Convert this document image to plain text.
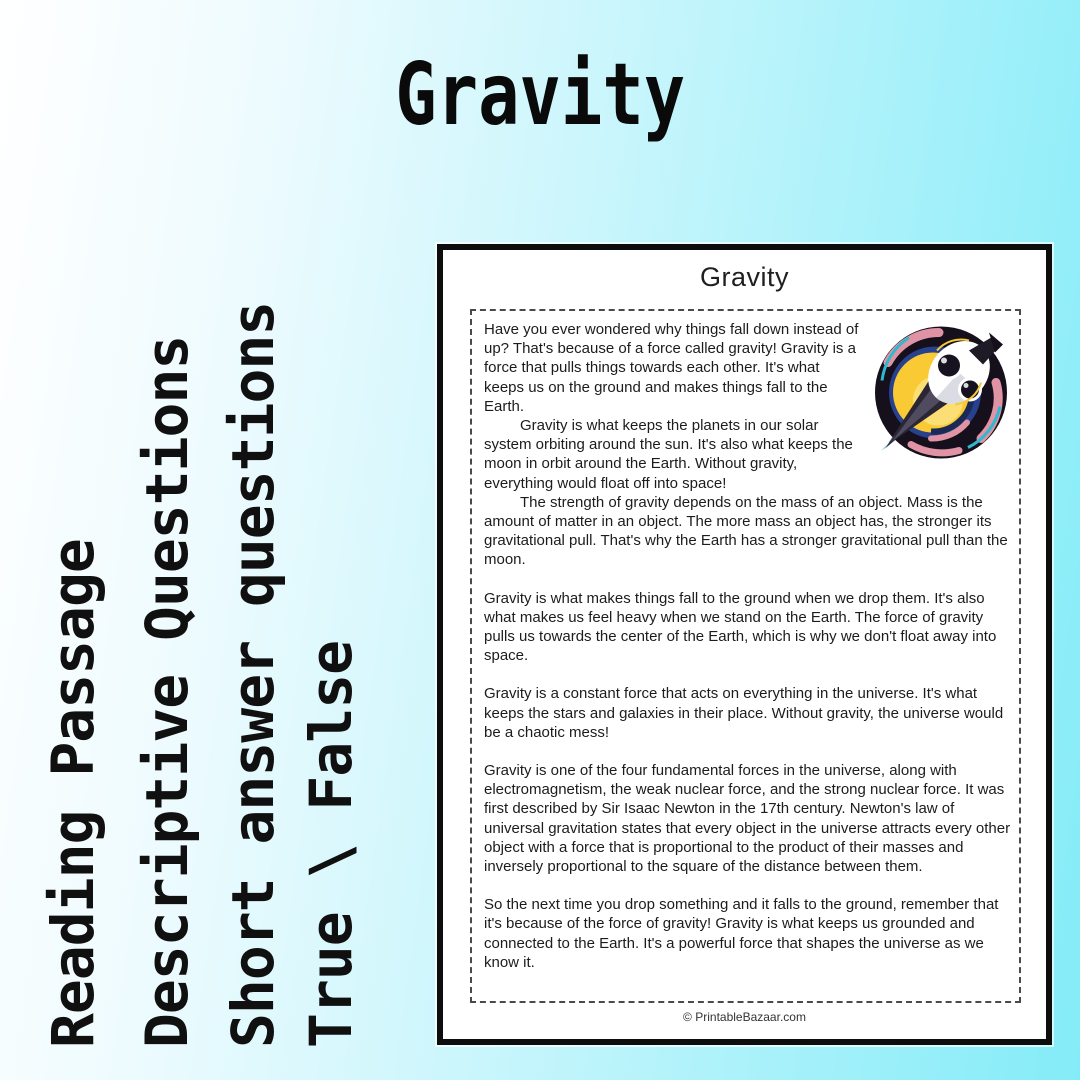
Gravity
Reading Passage Descriptive Questions Short answer questions True \ False
Gravity

Have you ever wondered why things fall down instead of up? That's because of a force called gravity! Gravity is a force that pulls things towards each other. It's what keeps us on the ground and makes things fall to the Earth.

Gravity is what keeps the planets in our solar system orbiting around the sun. It's also what keeps the moon in orbit around the Earth. Without gravity, everything would float off into space!

The strength of gravity depends on the mass of an object. Mass is the amount of matter in an object. The more mass an object has, the stronger its gravitational pull. That's why the Earth has a stronger gravitational pull than the moon.

Gravity is what makes things fall to the ground when we drop them. It's also what makes us feel heavy when we stand on the Earth. The force of gravity pulls us towards the center of the Earth, which is why we don't float away into space.

Gravity is a constant force that acts on everything in the universe. It's what keeps the stars and galaxies in their place. Without gravity, the universe would be a chaotic mess!

Gravity is one of the four fundamental forces in the universe, along with electromagnetism, the weak nuclear force, and the strong nuclear force. It was first described by Sir Isaac Newton in the 17th century. Newton's law of universal gravitation states that every object in the universe attracts every other object with a force that is proportional to the product of their masses and inversely proportional to the square of the distance between them.

So the next time you drop something and it falls to the ground, remember that it's because of the force of gravity! Gravity is what keeps us grounded and connected to the Earth. It's a powerful force that shapes the universe as we know it.

© PrintableBazaar.com
